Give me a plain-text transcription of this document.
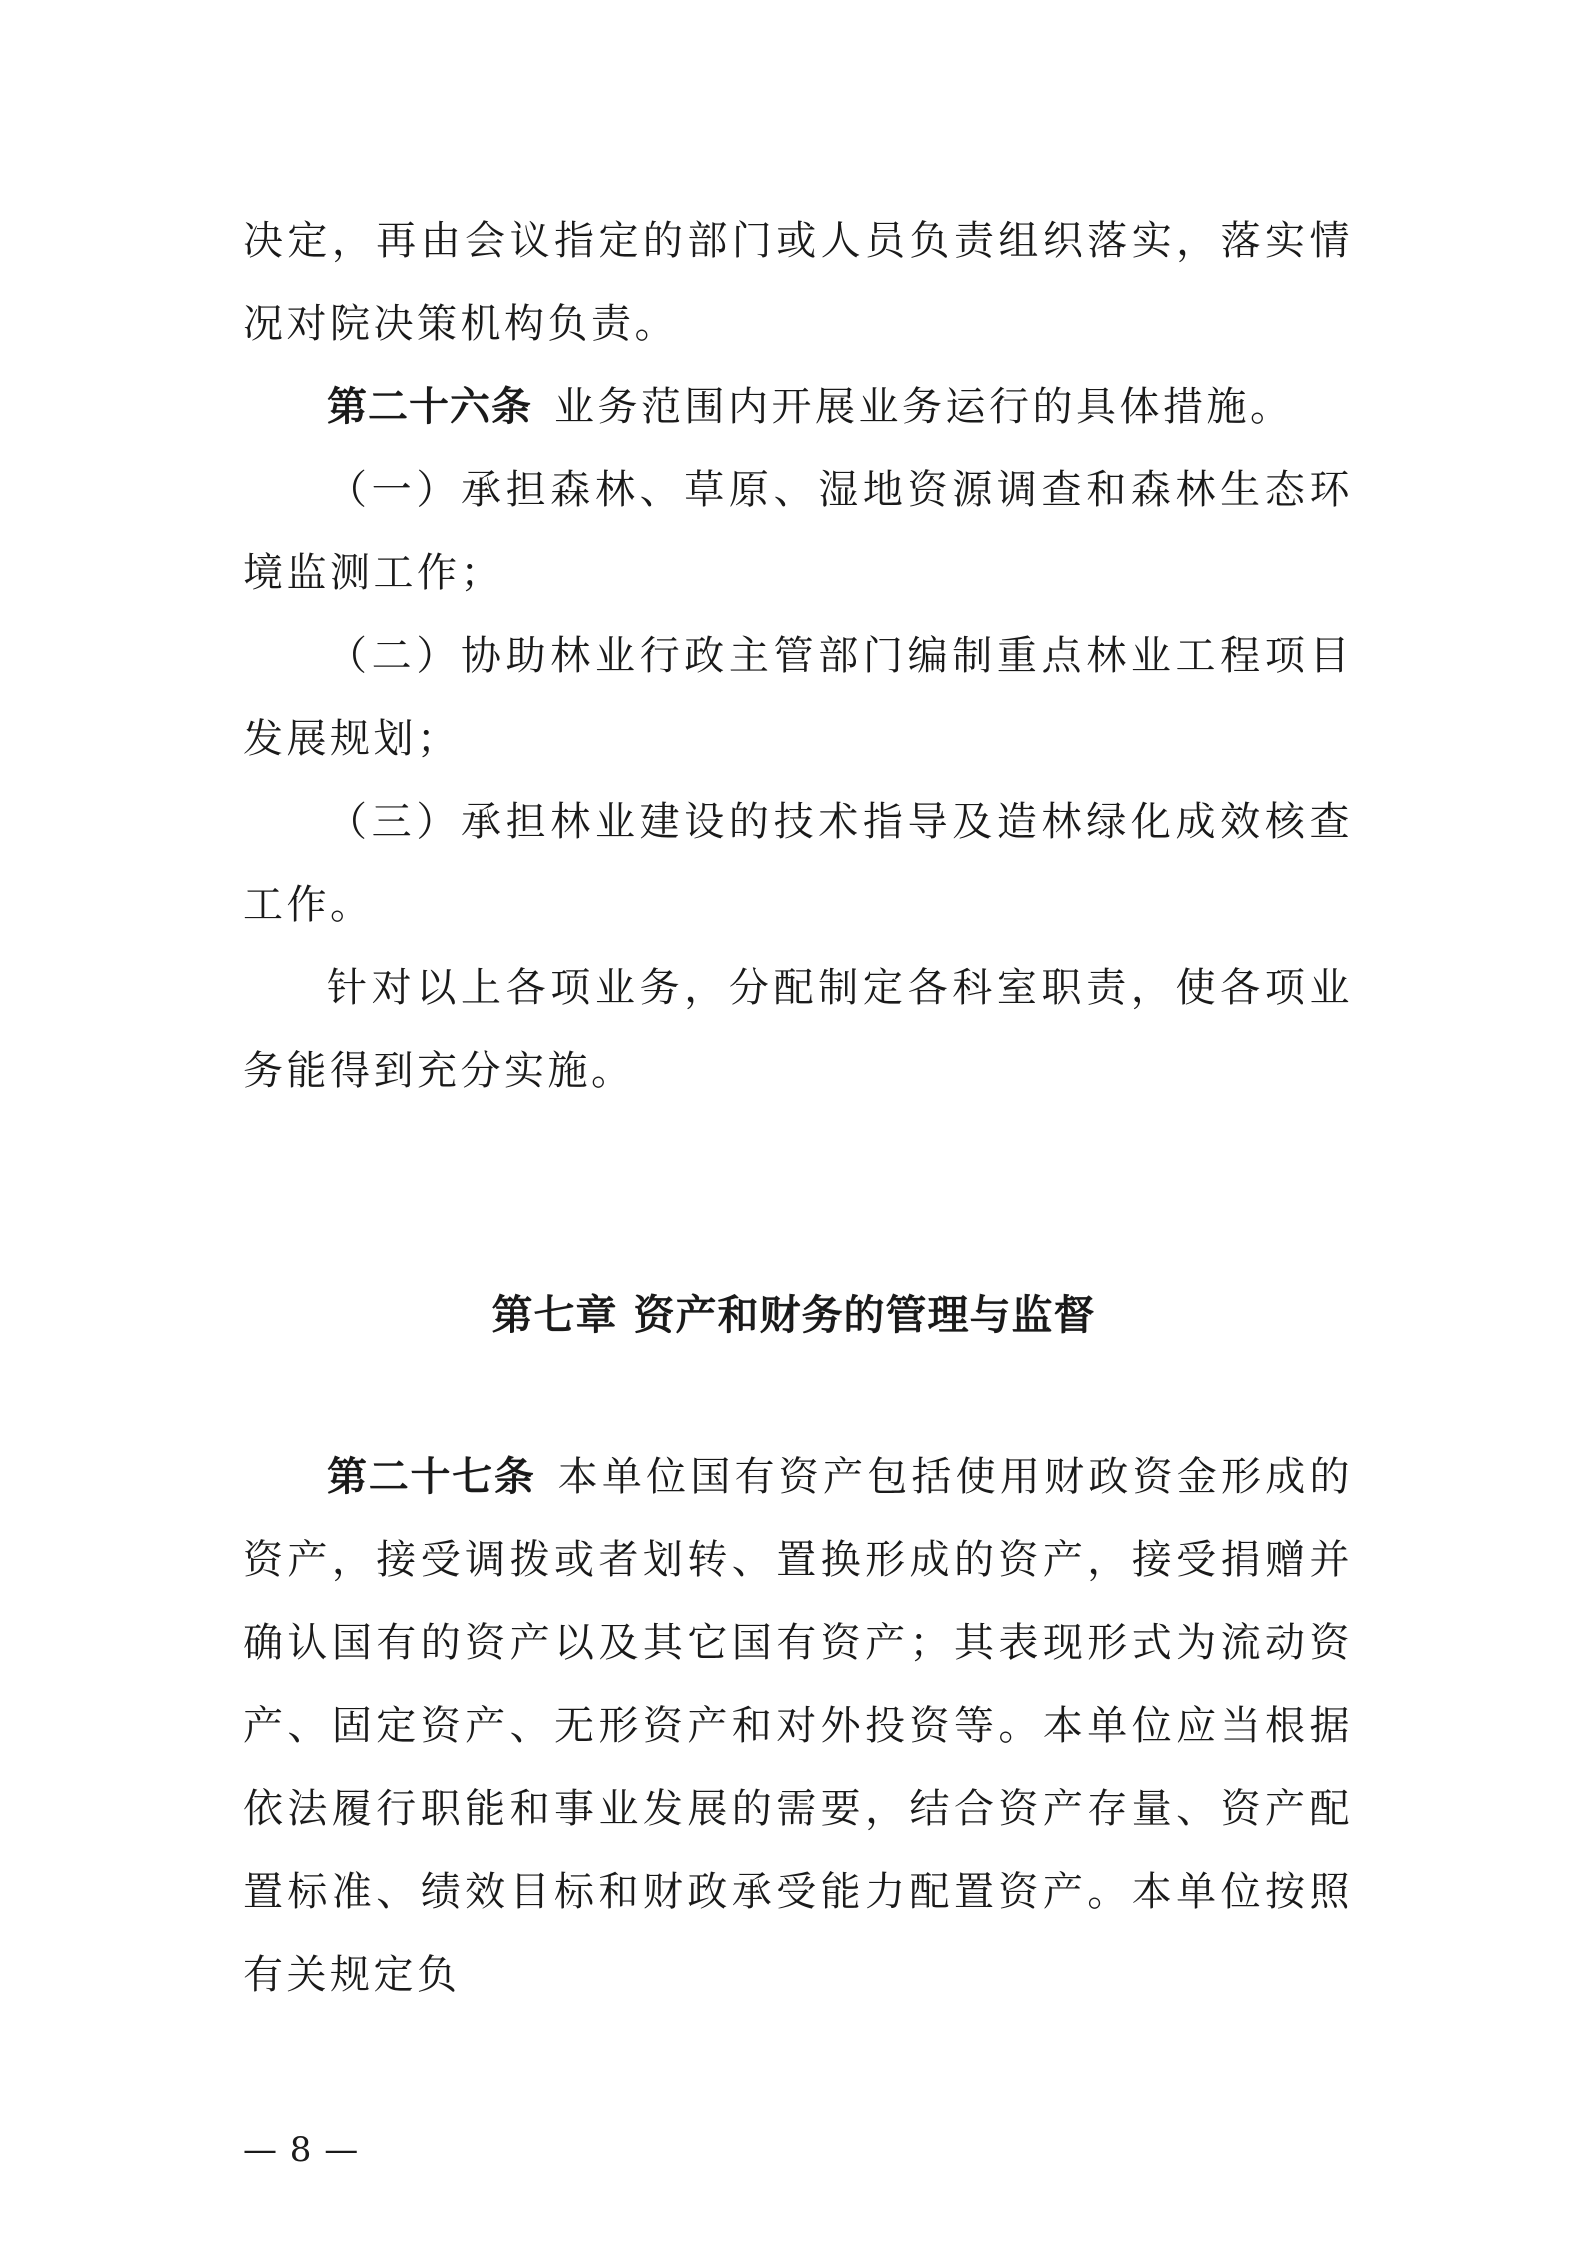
决定，再由会议指定的部门或人员负责组织落实，落实情况对院决策机构负责。

第二十六条 业务范围内开展业务运行的具体措施。

（一）承担森林、草原、湿地资源调查和森林生态环境监测工作；

（二）协助林业行政主管部门编制重点林业工程项目发展规划；

（三）承担林业建设的技术指导及造林绿化成效核查工作。

针对以上各项业务，分配制定各科室职责，使各项业务能得到充分实施。

第七章 资产和财务的管理与监督

第二十七条 本单位国有资产包括使用财政资金形成的资产，接受调拨或者划转、置换形成的资产，接受捐赠并确认国有的资产以及其它国有资产；其表现形式为流动资产、固定资产、无形资产和对外投资等。本单位应当根据依法履行职能和事业发展的需要，结合资产存量、资产配置标准、绩效目标和财政承受能力配置资产。本单位按照有关规定负

— 8 —
